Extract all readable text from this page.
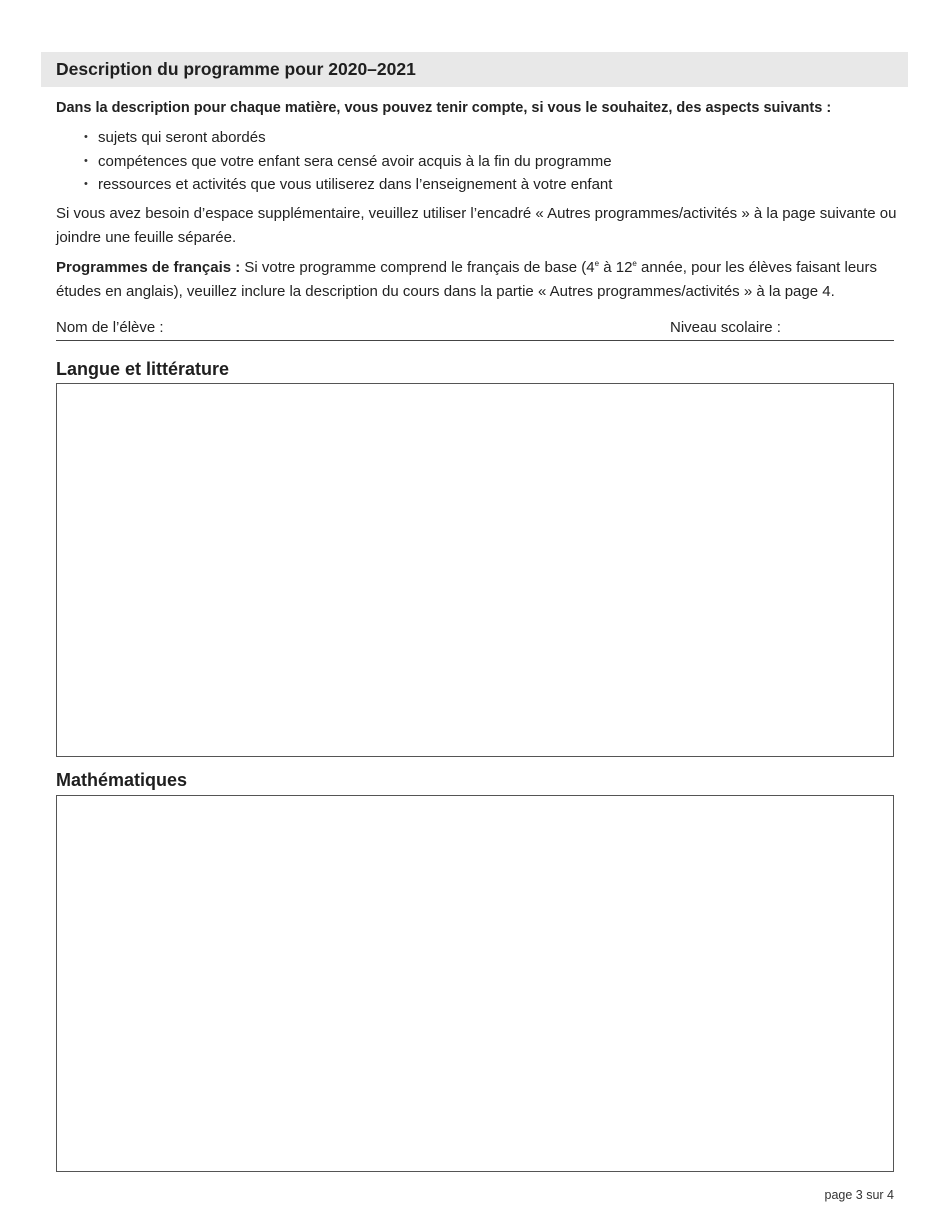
Description du programme pour 2020–2021
Dans la description pour chaque matière, vous pouvez tenir compte, si vous le souhaitez, des aspects suivants :
• sujets qui seront abordés
• compétences que votre enfant sera censé avoir acquis à la fin du programme
• ressources et activités que vous utiliserez dans l’enseignement à votre enfant

Si vous avez besoin d’espace supplémentaire, veuillez utiliser l’encadré « Autres programmes/activités » à la page suivante ou joindre une feuille séparée.

Programmes de français : Si votre programme comprend le français de base (4e à 12e année, pour les élèves faisant leurs études en anglais), veuillez inclure la description du cours dans la partie « Autres programmes/activités » à la page 4.

Nom de l’élève :	Niveau scolaire :
Langue et littérature
Mathématiques
page 3 sur 4
